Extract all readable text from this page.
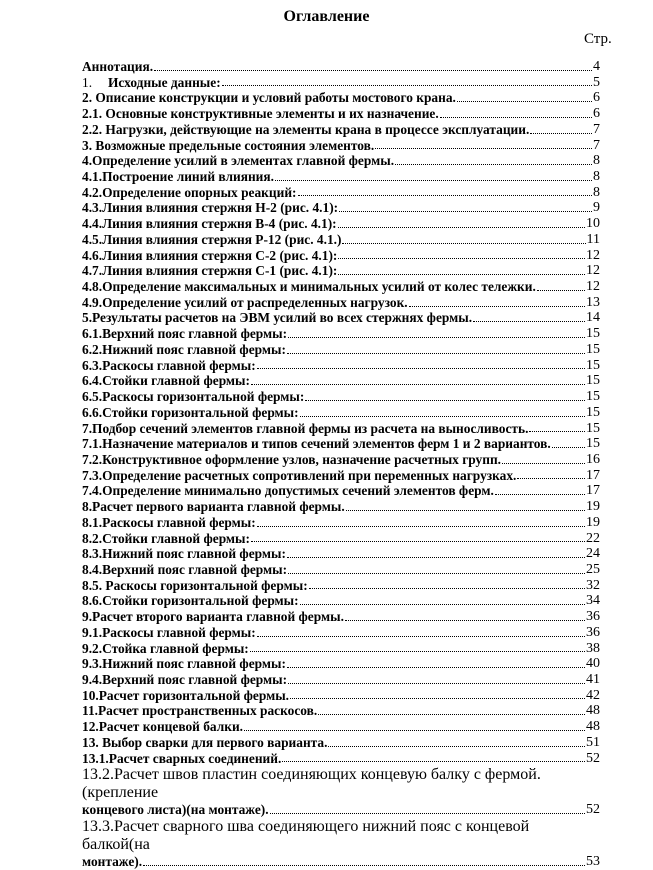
Оглавление
Стр.
Аннотация.	4
1.	Исходные данные:	5
2. Описание конструкции и условий работы мостового крана.	6
2.1. Основные конструктивные элементы и их назначение.	6
2.2. Нагрузки, действующие на элементы крана в процессе эксплуатации.	7
3. Возможные предельные состояния элементов.	7
4.Определение усилий в элементах главной фермы.	8
4.1.Построение линий влияния.	8
4.2.Определение опорных реакций:	8
4.3.Линия влияния стержня Н-2 (рис. 4.1):	9
4.4.Линия влияния стержня В-4 (рис. 4.1):	10
4.5.Линия влияния стержня Р-12 (рис. 4.1.)	11
4.6.Линия влияния стержня С-2 (рис. 4.1):	12
4.7.Линия влияния стержня С-1 (рис. 4.1):	12
4.8.Определение максимальных и минимальных усилий от колес тележки.	12
4.9.Определение усилий от распределенных нагрузок.	13
5.Результаты расчетов на ЭВМ усилий во всех стержнях фермы.	14
6.1.Верхний пояс главной фермы:	15
6.2.Нижний пояс главной фермы:	15
6.3.Раскосы главной фермы:	15
6.4.Стойки главной фермы:	15
6.5.Раскосы горизонтальной фермы:	15
6.6.Стойки горизонтальной фермы:	15
7.Подбор сечений элементов главной фермы из расчета на выносливость.	15
7.1.Назначение материалов и типов сечений элементов ферм 1 и 2 вариантов.	15
7.2.Конструктивное оформление узлов, назначение расчетных групп.	16
7.3.Определение расчетных сопротивлений при переменных нагрузках.	17
7.4.Определение минимально допустимых сечений элементов ферм.	17
8.Расчет первого варианта главной фермы.	19
8.1.Раскосы главной фермы:	19
8.2.Стойки главной фермы:	22
8.3.Нижний пояс главной фермы:	24
8.4.Верхний пояс главной фермы:	25
8.5. Раскосы горизонтальной фермы:	32
8.6.Стойки горизонтальной фермы:	34
9.Расчет второго варианта главной фермы.	36
9.1.Раскосы главной фермы:	36
9.2.Стойка главной фермы:	38
9.3.Нижний пояс главной фермы:	40
9.4.Верхний пояс главной фермы:	41
10.Расчет горизонтальной фермы.	42
11.Расчет пространственных раскосов.	48
12.Расчет концевой балки.	48
13. Выбор сварки для первого варианта.	51
13.1.Расчет сварных соединений.	52
13.2.Расчет швов пластин соединяющих концевую балку с фермой.(крепление
концевого листа)(на монтаже).	52
13.3.Расчет сварного шва соединяющего нижний пояс с концевой балкой(на
монтаже).	53
